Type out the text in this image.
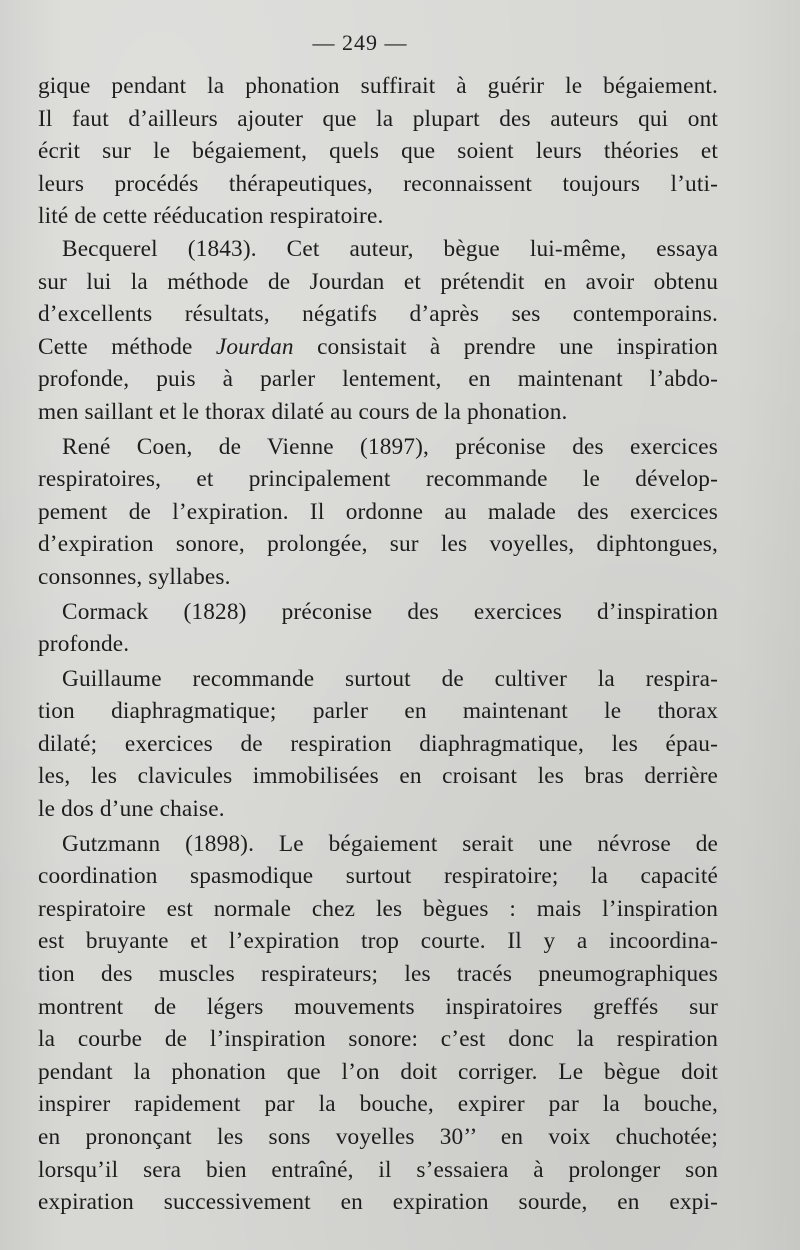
— 249 —
gique pendant la phonation suffirait à guérir le bégaiement.
Il faut d’ailleurs ajouter que la plupart des auteurs qui ont
écrit sur le bégaiement, quels que soient leurs théories et
leurs procédés thérapeutiques, reconnaissent toujours l’uti-
lité de cette rééducation respiratoire.
Becquerel (1843). Cet auteur, bègue lui-même, essaya
sur lui la méthode de Jourdan et prétendit en avoir obtenu
d’excellents résultats, négatifs d’après ses contemporains.
Cette méthode Jourdan consistait à prendre une inspiration
profonde, puis à parler lentement, en maintenant l’abdo-
men saillant et le thorax dilaté au cours de la phonation.
René Coen, de Vienne (1897), préconise des exercices
respiratoires, et principalement recommande le dévelop-
pement de l’expiration. Il ordonne au malade des exercices
d’expiration sonore, prolongée, sur les voyelles, diphtongues,
consonnes, syllabes.
Cormack (1828) préconise des exercices d’inspiration
profonde.
Guillaume recommande surtout de cultiver la respira-
tion diaphragmatique; parler en maintenant le thorax
dilaté; exercices de respiration diaphragmatique, les épau-
les, les clavicules immobilisées en croisant les bras derrière
le dos d’une chaise.
Gutzmann (1898). Le bégaiement serait une névrose de
coordination spasmodique surtout respiratoire; la capacité
respiratoire est normale chez les bègues : mais l’inspiration
est bruyante et l’expiration trop courte. Il y a incoordina-
tion des muscles respirateurs; les tracés pneumographiques
montrent de légers mouvements inspiratoires greffés sur
la courbe de l’inspiration sonore: c’est donc la respiration
pendant la phonation que l’on doit corriger. Le bègue doit
inspirer rapidement par la bouche, expirer par la bouche,
en prononçant les sons voyelles 30’’ en voix chuchotée;
lorsqu’il sera bien entraîné, il s’essaiera à prolonger son
expiration successivement en expiration sourde, en expi-
